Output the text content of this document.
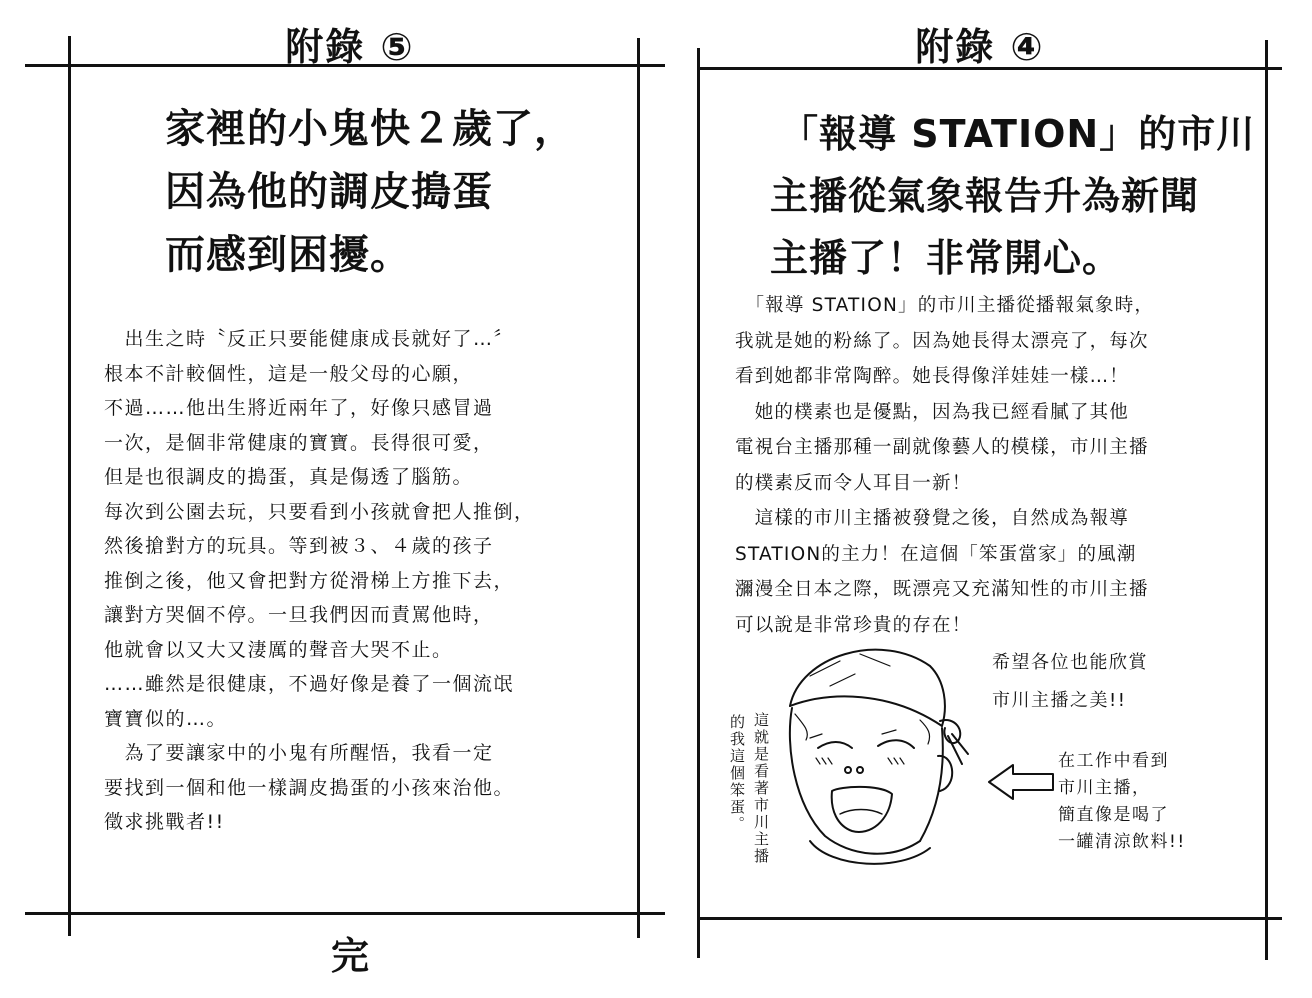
附錄 ⑤
家裡的小鬼快２歲了，
因為他的調皮搗蛋
而感到困擾。
　出生之時〝反正只要能健康成長就好了…〞
根本不計較個性，這是一般父母的心願，
不過……他出生將近兩年了，好像只感冒過
一次，是個非常健康的寶寶。長得很可愛，
但是也很調皮的搗蛋，真是傷透了腦筋。
每次到公園去玩，只要看到小孩就會把人推倒，
然後搶對方的玩具。等到被３、４歲的孩子
推倒之後，他又會把對方從滑梯上方推下去，
讓對方哭個不停。一旦我們因而責罵他時，
他就會以又大又淒厲的聲音大哭不止。
……雖然是很健康，不過好像是養了一個流氓
寶寶似的…。
　為了要讓家中的小鬼有所醒悟，我看一定
要找到一個和他一樣調皮搗蛋的小孩來治他。
徵求挑戰者!!
完
附錄 ④
「報導 STATION」的市川
主播從氣象報告升為新聞
主播了！非常開心。
　「報導 STATION」的市川主播從播報氣象時，
我就是她的粉絲了。因為她長得太漂亮了，每次
看到她都非常陶醉。她長得像洋娃娃一樣…！
　她的樸素也是優點，因為我已經看膩了其他
電視台主播那種一副就像藝人的模樣，市川主播
的樸素反而令人耳目一新！
　這樣的市川主播被發覺之後，自然成為報導
STATION的主力！在這個「笨蛋當家」的風潮
瀰漫全日本之際，既漂亮又充滿知性的市川主播
可以說是非常珍貴的存在！
希望各位也能欣賞
市川主播之美!!
在工作中看到
市川主播，
簡直像是喝了
一罐清涼飲料!!
這就是看著市川主播
的我這個笨蛋。
